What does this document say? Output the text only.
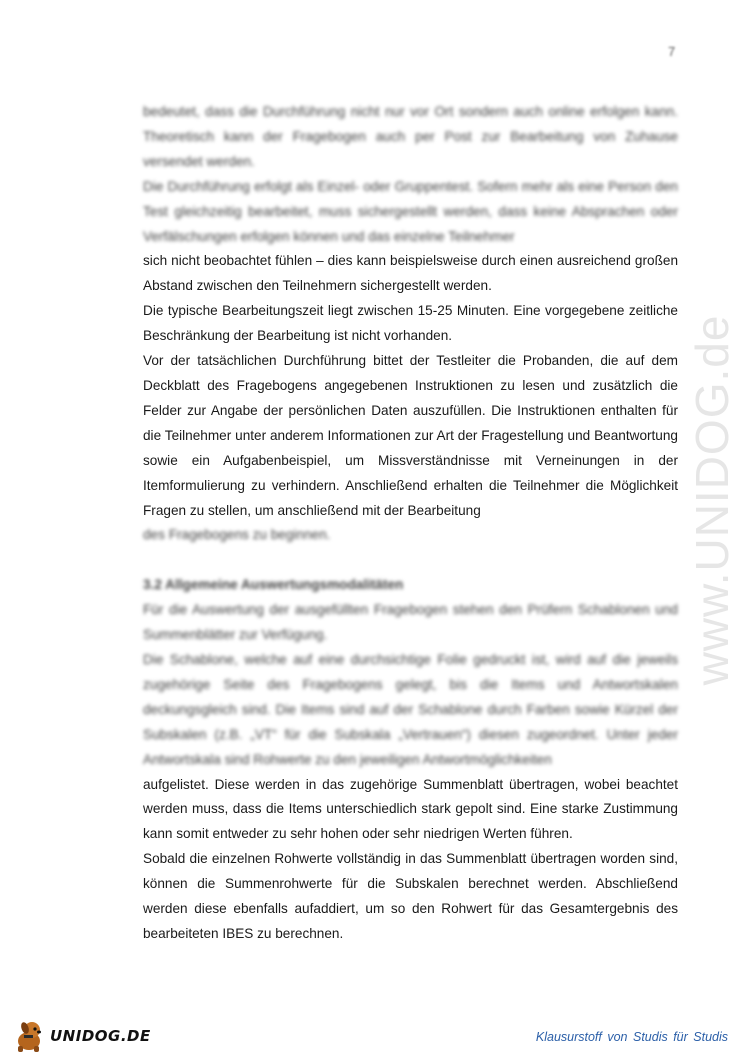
7
www.UNIDOG.de

bedeutet, dass die Durchführung nicht nur vor Ort sondern auch online erfolgen kann. Theoretisch kann der Fragebogen auch per Post zur Bearbeitung von Zuhause versendet werden.

Die Durchführung erfolgt als Einzel- oder Gruppentest. Sofern mehr als eine Person den Test gleichzeitig bearbeitet, muss sichergestellt werden, dass keine Absprachen oder Verfälschungen erfolgen können und das einzelne Teilnehmer

sich nicht beobachtet fühlen – dies kann beispielsweise durch einen ausreichend großen Abstand zwischen den Teilnehmern sichergestellt werden.

Die typische Bearbeitungszeit liegt zwischen 15-25 Minuten. Eine vorgegebene zeitliche Beschränkung der Bearbeitung ist nicht vorhanden.

Vor der tatsächlichen Durchführung bittet der Testleiter die Probanden, die auf dem Deckblatt des Fragebogens angegebenen Instruktionen zu lesen und zusätzlich die Felder zur Angabe der persönlichen Daten auszufüllen. Die Instruktionen enthalten für die Teilnehmer unter anderem Informationen zur Art der Fragestellung und Beantwortung sowie ein Aufgabenbeispiel, um Missverständnisse mit Verneinungen in der Itemformulierung zu verhindern. Anschließend erhalten die Teilnehmer die Möglichkeit Fragen zu stellen, um anschließend mit der Bearbeitung

des Fragebogens zu beginnen.

3.2 Allgemeine Auswertungsmodalitäten

Für die Auswertung der ausgefüllten Fragebogen stehen den Prüfern Schablonen und Summenblätter zur Verfügung.

Die Schablone, welche auf eine durchsichtige Folie gedruckt ist, wird auf die jeweils zugehörige Seite des Fragebogens gelegt, bis die Items und Antwortskalen deckungsgleich sind. Die Items sind auf der Schablone durch Farben sowie Kürzel der Subskalen (z.B. „VT“ für die Subskala „Vertrauen“) diesen zugeordnet. Unter jeder Antwortskala sind Rohwerte zu den jeweiligen Antwortmöglichkeiten

aufgelistet. Diese werden in das zugehörige Summenblatt übertragen, wobei beachtet werden muss, dass die Items unterschiedlich stark gepolt sind. Eine starke Zustimmung kann somit entweder zu sehr hohen oder sehr niedrigen Werten führen.

Sobald die einzelnen Rohwerte vollständig in das Summenblatt übertragen worden sind, können die Summenrohwerte für die Subskalen berechnet werden. Abschließend werden diese ebenfalls aufaddiert, um so den Rohwert für das Gesamtergebnis des bearbeiteten IBES zu berechnen.

UNIDOG.DE	Klausurstoff von Studis für Studis
